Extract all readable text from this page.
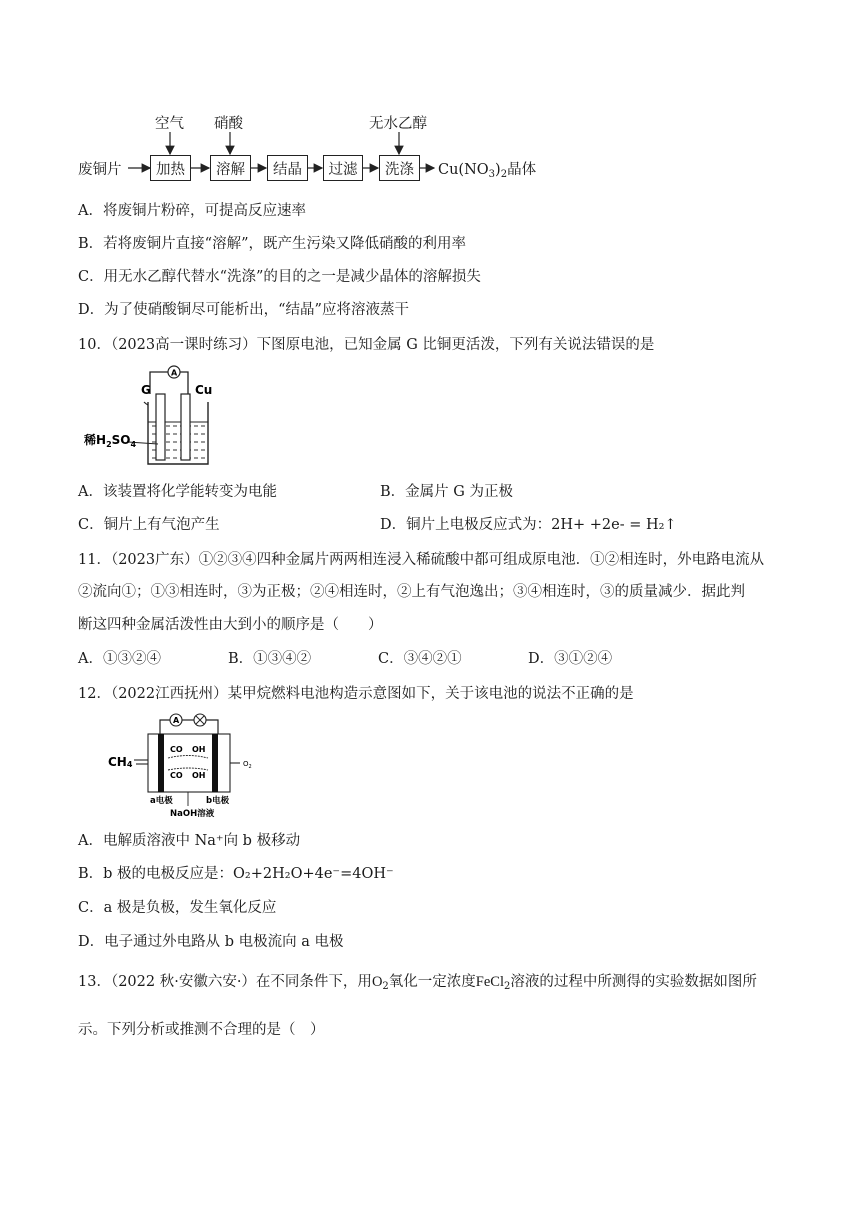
空气 硝酸	无水乙醇
废铜片	加热	溶解	结晶	过滤	洗涤	$Cu(NO_3)_2$晶体
A．将废铜片粉碎，可提高反应速率
B．若将废铜片直接“溶解”，既产生污染又降低硝酸的利用率
C．用无水乙醇代替水“洗涤”的目的之一是减少晶体的溶解损失
D．为了使硝酸铜尽可能析出，“结晶”应将溶液蒸干
10．（2023高一课时练习）下图原电池，已知金属 G 比铜更活泼，下列有关说法错误的是
A
G	Cu
稀$H_2SO_4$
A．该装置将化学能转变为电能	B．金属片 G 为正极
C．铜片上有气泡产生	D．铜片上电极反应式为：2H+ +2e- = H₂↑
11．（2023广东）①②③④四种金属片两两相连浸入稀硫酸中都可组成原电池．①②相连时，外电路电流从
②流向①；①③相连时，③为正极；②④相连时，②上有气泡逸出；③④相连时，③的质量减少．据此判
断这四种金属活泼性由大到小的顺序是（　　）
A．①③②④	B．①③④②	C．③④②①	D．③①②④
12．（2022江西抚州）某甲烷燃料电池构造示意图如下，关于该电池的说法不正确的是
A
CH4	$O_2$
CO OH
CO OH
a电极	b电极
NaOH溶液
A．电解质溶液中 Na⁺向 b 极移动
B．b 极的电极反应是：O₂+2H₂O+4e⁻=4OH⁻
C．a 极是负极，发生氧化反应
D．电子通过外电路从 b 电极流向 a 电极
13．（2022 秋·安徽六安·）在不同条件下，用$O_2$氧化一定浓度FeCl$_2$溶液的过程中所测得的实验数据如图所
示。下列分析或推测不合理的是（　）
